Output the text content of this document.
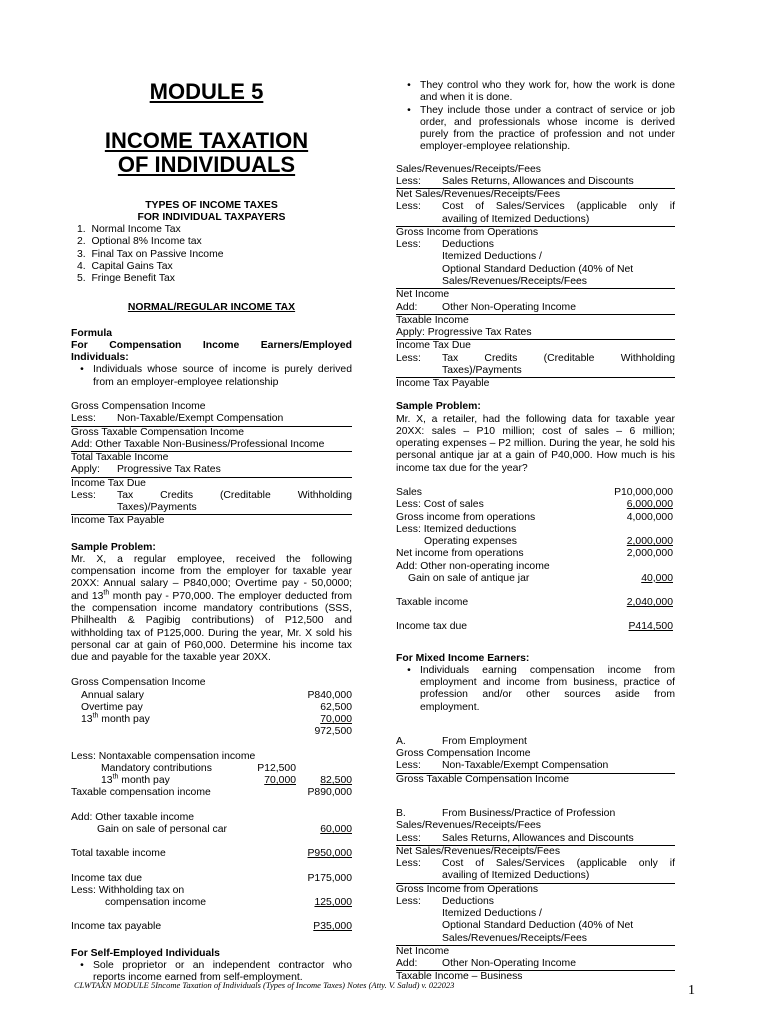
MODULE 5
INCOME TAXATION
OF INDIVIDUALS
TYPES OF INCOME TAXES
FOR INDIVIDUAL TAXPAYERS
1.  Normal Income Tax
2.  Optional 8% Income tax
3.  Final Tax on Passive Income
4.  Capital Gains Tax
5.  Fringe Benefit Tax
NORMAL/REGULAR INCOME TAX
Formula
For Compensation Income Earners/Employed Individuals:
• Individuals whose source of income is purely derived from an employer-employee relationship
Gross Compensation Income
Less: Non-Taxable/Exempt Compensation
Gross Taxable Compensation Income
Add: Other Taxable Non-Business/Professional Income
Total Taxable Income
Apply: Progressive Tax Rates
Income Tax Due
Less:	Tax Credits (Creditable Withholding Taxes)/Payments
Income Tax Payable
Sample Problem:
Mr. X, a regular employee, received the following compensation income from the employer for taxable year 20XX: Annual salary – P840,000; Overtime pay - 50,0000; and 13th month pay - P70,000. The employer deducted from the compensation income mandatory contributions (SSS, Philhealth & Pagibig contributions) of P12,500 and withholding tax of P125,000. During the year, Mr. X sold his personal car at gain of P60,000. Determine his income tax due and payable for the taxable year 20XX.
Gross Compensation Income
Annual salary	P840,000
Overtime pay	62,500
13th month pay	70,000
972,500
Less: Nontaxable compensation income
Mandatory contributions	P12,500
13th month pay	70,000	82,500
Taxable compensation income	P890,000
Add: Other taxable income
Gain on sale of personal car	60,000
Total taxable income	P950,000
Income tax due	P175,000
Less: Withholding tax on
compensation income	125,000
Income tax payable	P35,000
For Self-Employed Individuals
• Sole proprietor or an independent contractor who reports income earned from self-employment.
• They control who they work for, how the work is done and when it is done.
• They include those under a contract of service or job order, and professionals whose income is derived purely from the practice of profession and not under employer-employee relationship.
Sales/Revenues/Receipts/Fees
Less: Sales Returns, Allowances and Discounts
Net Sales/Revenues/Receipts/Fees
Less:	Cost of Sales/Services (applicable only if
availing of Itemized Deductions)
Gross Income from Operations
Less: Deductions
Itemized Deductions /
Optional Standard Deduction (40% of Net
Sales/Revenues/Receipts/Fees
Net Income
Add: Other Non-Operating Income
Taxable Income
Apply: Progressive Tax Rates
Income Tax Due
Less:	Tax Credits (Creditable Withholding Taxes)/Payments
Income Tax Payable
Sample Problem:
Mr. X, a retailer, had the following data for taxable year 20XX: sales – P10 million; cost of sales – 6 million; operating expenses – P2 million. During the year, he sold his personal antique jar at a gain of P40,000. How much is his income tax due for the year?
Sales	P10,000,000
Less: Cost of sales	6,000,000
Gross income from operations	4,000,000
Less: Itemized deductions
Operating expenses	2,000,000
Net income from operations	2,000,000
Add: Other non-operating income
Gain on sale of antique jar	40,000
Taxable income	2,040,000
Income tax due	P414,500
For Mixed Income Earners:
• Individuals earning compensation income from employment and income from business, practice of profession and/or other sources aside from employment.
A.	From Employment
Gross Compensation Income
Less: Non-Taxable/Exempt Compensation
Gross Taxable Compensation Income
B.	From Business/Practice of Profession
Sales/Revenues/Receipts/Fees
Less: Sales Returns, Allowances and Discounts
Net Sales/Revenues/Receipts/Fees
Less:	Cost of Sales/Services (applicable only if
availing of Itemized Deductions)
Gross Income from Operations
Less: Deductions
Itemized Deductions /
Optional Standard Deduction (40% of Net
Sales/Revenues/Receipts/Fees
Net Income
Add: Other Non-Operating Income
Taxable Income – Business
CLWTAXN MODULE 5Income Taxation of Individuals (Types of Income Taxes) Notes (Atty. V. Salud) v. 022023	1
